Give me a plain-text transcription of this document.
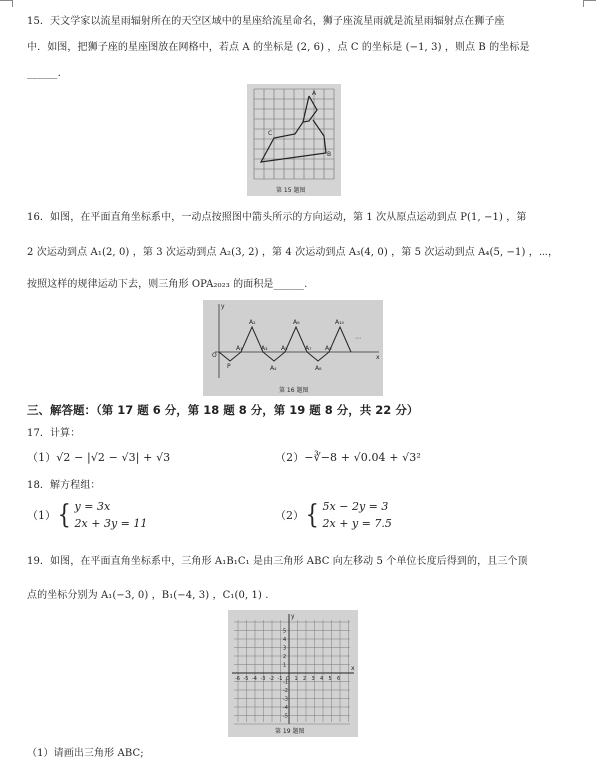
15．天文学家以流星雨辐射所在的天空区域中的星座给流星命名，狮子座流星雨就是流星雨辐射点在狮子座
中．如图，把狮子座的星座图放在网格中，若点 A 的坐标是 (2, 6) ，点 C 的坐标是 (−1, 3) ，则点 B 的坐标是
______.
A
C
B
第 15 题图
16．如图，在平面直角坐标系中，一动点按照图中箭头所示的方向运动，第 1 次从原点运动到点 P(1, −1) ，第
2 次运动到点 A₁(2, 0) ，第 3 次运动到点 A₂(3, 2) ，第 4 次运动到点 A₃(4, 0) ，第 5 次运动到点 A₄(5, −1) ，⋯，
按照这样的规律运动下去，则三角形 OPA₂₀₂₃ 的面积是______.
O	x
y
P
A₁
A₂
A₃
A₄
A₅
A₆
A₇
A₈
A₉
A₁₀
⋯
第 16 题图
三、解答题：（第 17 题 6 分，第 18 题 8 分，第 19 题 8 分，共 22 分）
17．计算：
（1）√2 − |√2 − √3| + √3	（2）−∛−8 + √0.04 + √3²
18．解方程组：
（1） { y = 3x
2x + 3y = 11
（2） { 5x − 2y = 3
2x + y = 7.5
19．如图，在平面直角坐标系中，三角形 A₁B₁C₁ 是由三角形 ABC 向左移动 5 个单位长度后得到的，且三个顶
点的坐标分别为 A₁(−3, 0) ，B₁(−4, 3) ，C₁(0, 1) .
-6 -5 -4 -3 -2 -1 O 1 2 3 4 5 6
5
4
3
2
1
-1
-2
-3
-4
-5
x
y
第 19 题图
（1）请画出三角形 ABC;
